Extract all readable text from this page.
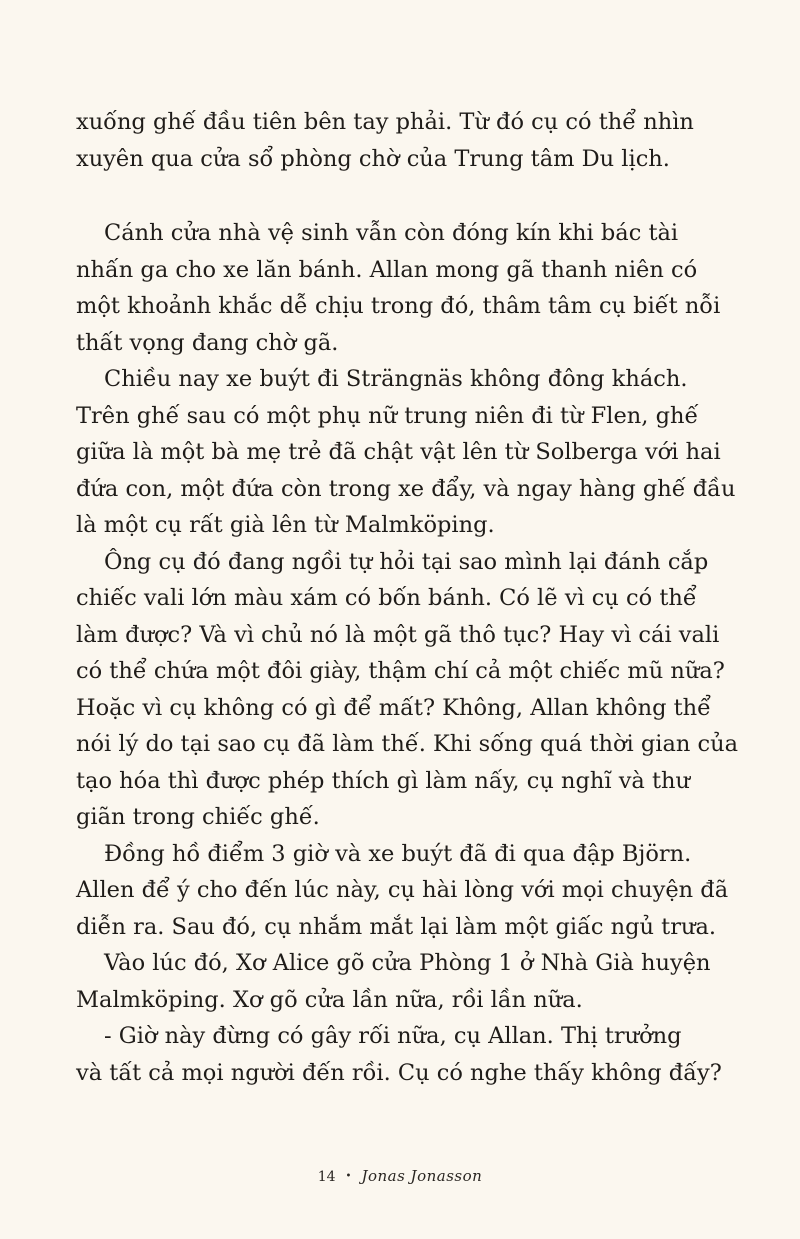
xuống ghế đầu tiên bên tay phải. Từ đó cụ có thể nhìn
xuyên qua cửa sổ phòng chờ của Trung tâm Du lịch.

Cánh cửa nhà vệ sinh vẫn còn đóng kín khi bác tài
nhấn ga cho xe lăn bánh. Allan mong gã thanh niên có
một khoảnh khắc dễ chịu trong đó, thâm tâm cụ biết nỗi
thất vọng đang chờ gã.

Chiều nay xe buýt đi Strängnäs không đông khách.
Trên ghế sau có một phụ nữ trung niên đi từ Flen, ghế
giữa là một bà mẹ trẻ đã chật vật lên từ Solberga với hai
đứa con, một đứa còn trong xe đẩy, và ngay hàng ghế đầu
là một cụ rất già lên từ Malmköping.

Ông cụ đó đang ngồi tự hỏi tại sao mình lại đánh cắp
chiếc vali lớn màu xám có bốn bánh. Có lẽ vì cụ có thể
làm được? Và vì chủ nó là một gã thô tục? Hay vì cái vali
có thể chứa một đôi giày, thậm chí cả một chiếc mũ nữa?
Hoặc vì cụ không có gì để mất? Không, Allan không thể
nói lý do tại sao cụ đã làm thế. Khi sống quá thời gian của
tạo hóa thì được phép thích gì làm nấy, cụ nghĩ và thư
giãn trong chiếc ghế.

Đồng hồ điểm 3 giờ và xe buýt đã đi qua đập Björn.
Allen để ý cho đến lúc này, cụ hài lòng với mọi chuyện đã
diễn ra. Sau đó, cụ nhắm mắt lại làm một giấc ngủ trưa.

Vào lúc đó, Xơ Alice gõ cửa Phòng 1 ở Nhà Già huyện
Malmköping. Xơ gõ cửa lần nữa, rồi lần nữa.

- Giờ này đừng có gây rối nữa, cụ Allan. Thị trưởng
và tất cả mọi người đến rồi. Cụ có nghe thấy không đấy?

14 • Jonas Jonasson
